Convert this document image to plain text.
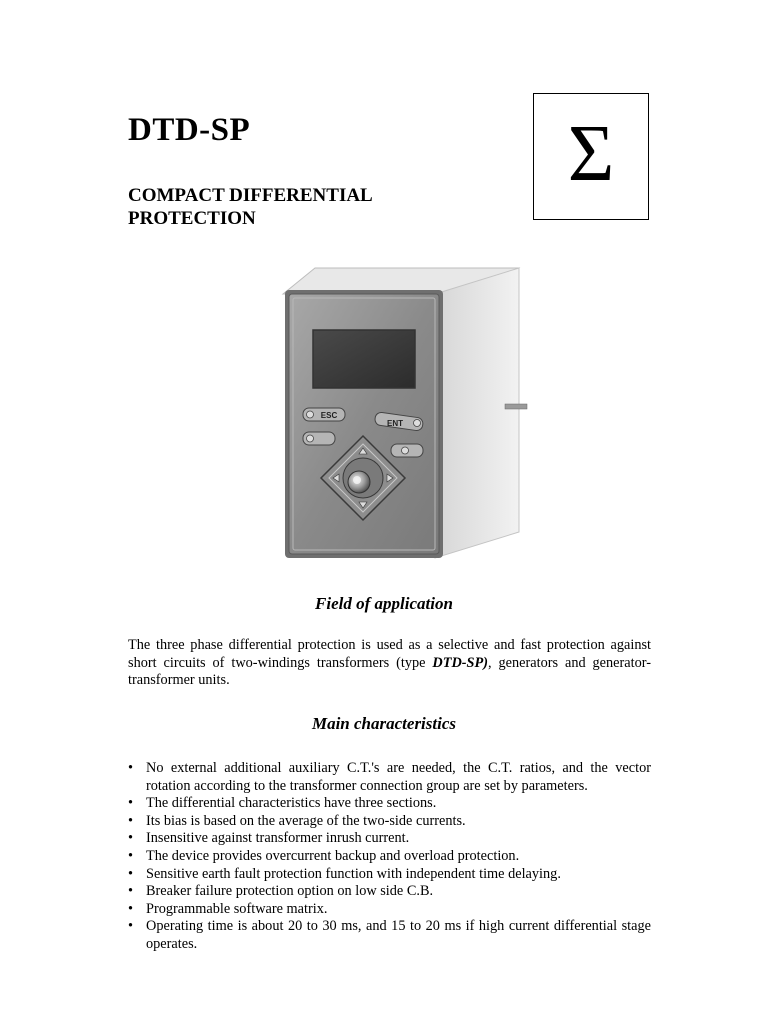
DTD-SP
COMPACT DIFFERENTIAL PROTECTION
Σ
ESC
ENT
Field of application

The three phase differential protection is used as a selective and fast protection against short circuits of two-windings transformers (type DTD-SP), generators and generator-transformer units.

Main characteristics
• No external additional auxiliary C.T.'s are needed, the C.T. ratios, and the vector rotation according to the transformer connection group are set by parameters.
• The differential characteristics have three sections.
• Its bias is based on the average of the two-side currents.
• Insensitive against transformer inrush current.
• The device provides overcurrent backup and overload protection.
• Sensitive earth fault protection function with independent time delaying.
• Breaker failure protection option on low side C.B.
• Programmable software matrix.
• Operating time is about 20 to 30 ms, and 15 to 20 ms if high current differential stage operates.
